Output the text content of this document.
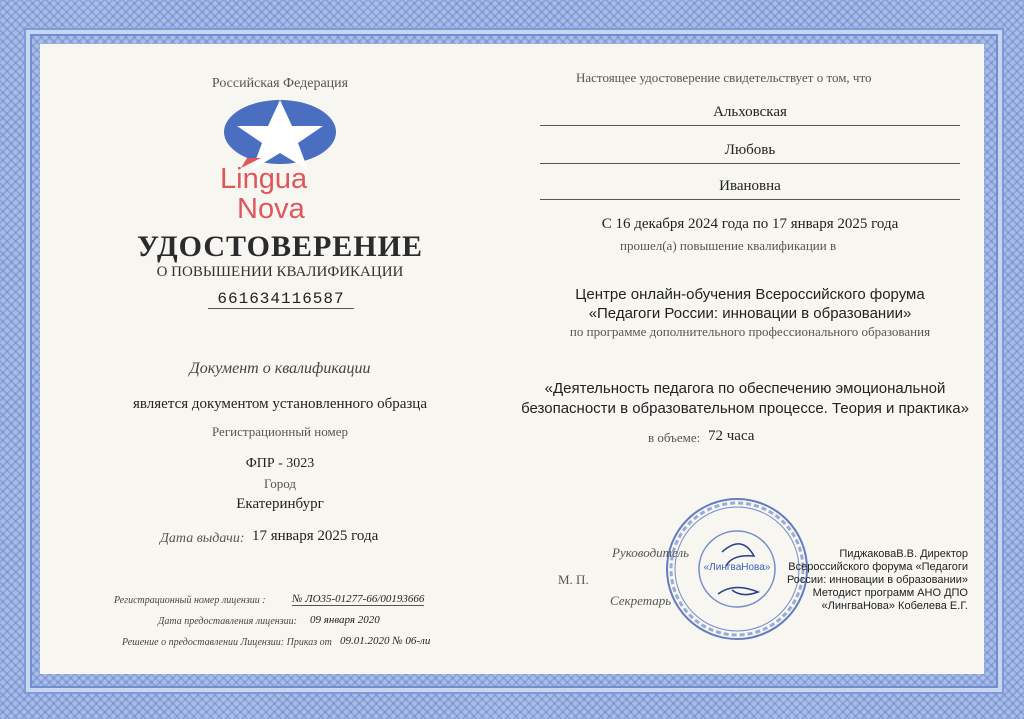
Российская Федерация
Lingua
Nova
УДОСТОВЕРЕНИЕ
О ПОВЫШЕНИИ КВАЛИФИКАЦИИ
661634116587
Документ о квалификации
является документом установленного образца
Регистрационный номер
ФПР - 3023
Город
Екатеринбург
Дата выдачи: 17 января 2025 года
Регистрационный номер лицензии : № ЛО35-01277-66/00193666
Дата предоставления лицензии: 09 января 2020
Решение о предоставлении Лицензии: Приказ от 09.01.2020 № 06-ли
Настоящее удостоверение свидетельствует о том, что
Альховская
Любовь
Ивановна
С 16 декабря 2024 года по 17 января 2025 года
прошел(а) повышение квалификации в
Центре онлайн-обучения Всероссийского форума
«Педагоги России: инновации в образовании»
по программе дополнительного профессионального образования
«Деятельность педагога по обеспечению эмоциональной
безопасности в образовательном процессе. Теория и практика»
в объеме: 72 часа
«ЛингваНова»
Руководитель
М. П.
Секретарь
ПиджаковаВ.В. Директор
Всероссийского форума «Педагоги
России: инновации в образовании»
Методист программ АНО ДПО
«ЛингваНова» Кобелева Е.Г.
